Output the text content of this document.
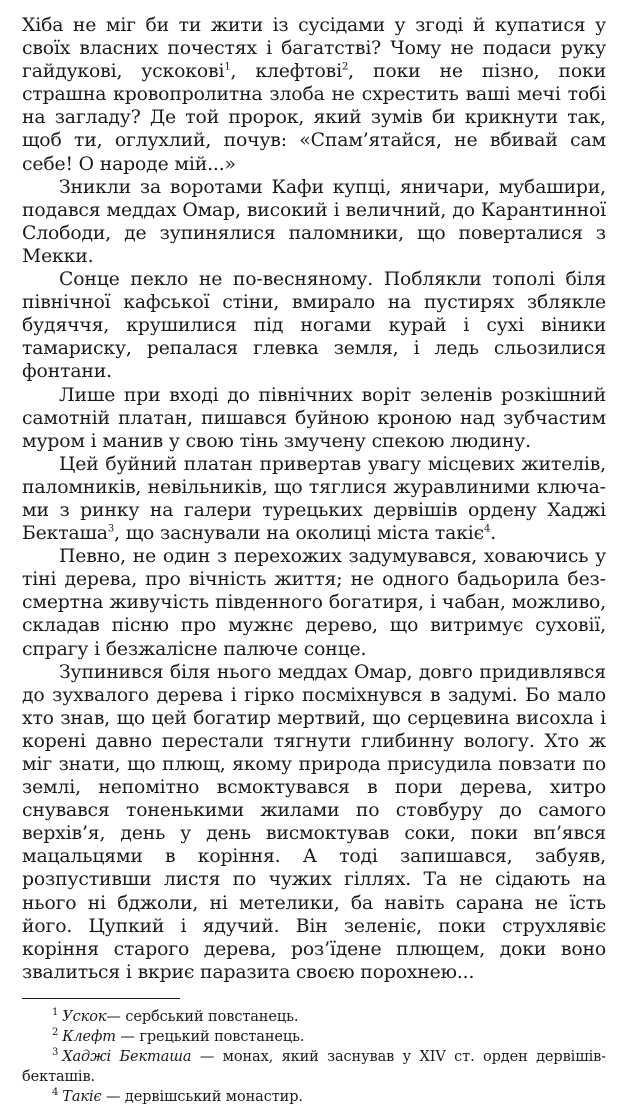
Хіба не міг би ти жити із сусідами у згоді й купатися у своїх власних почестях і багатстві? Чому не подаси руку гайдукові, ускокові$^1$, клефтові$^2$, поки не пізно, поки страшна кровопролитна злоба не схрестить ваші мечі тобі на загладу? Де той пророк, який зумів би крикнути так, щоб ти, оглухлий, почув: «Спам’ятайся, не вбивай сам себе! О народе мій...»

Зникли за воротами Кафи купці, яничари, мубашири, подався меддах Омар, високий і величний, до Карантинної Слободи, де зупинялися паломники, що поверталися з Мекки.

Сонце пекло не по-весняному. Поблякли тополі біля північної кафської стіни, вмирало на пустирях зблякле будяччя, крушилися під ногами курай і сухі віники тамариску, репалася глевка земля, і ледь сльозилися фонтани.

Лише при вході до північних воріт зеленів розкішний самотній платан, пишався буйною кроною над зубчастим муром і манив у свою тінь змучену спекою людину.

Цей буйний платан привертав увагу місцевих жителів, паломників, невільників, що тяглися журавлиними ключами з ринку на галери турецьких дервішів ордену Хаджі Бекташа$^3$, що заснували на околиці міста такіє$^4$.

Певно, не один з перехожих задумувався, ховаючись у тіні дерева, про вічність життя; не одного бадьорила безсмертна живучість південного богатиря, і чабан, можливо, складав пісню про мужнє дерево, що витримує суховії, спрагу і безжалісне палюче сонце.

Зупинився біля нього меддах Омар, довго придивлявся до зухвалого дерева і гірко посміхнувся в задумі. Бо мало хто знав, що цей богатир мертвий, що серцевина висохла і корені давно перестали тягнути глибинну вологу. Хто ж міг знати, що плющ, якому природа присудила повзати по землі, непомітно всмоктувався в пори дерева, хитро снувався тоненькими жилами по стовбуру до самого верхів’я, день у день висмоктував соки, поки вп’явся мацальцями в коріння. А тоді запишався, забуяв, розпустивши листя по чужих гіллях. Та не сідають на нього ні бджоли, ні метелики, ба навіть сарана не їсть його. Цупкий і ядучий. Він зеленіє, поки струхлявіє коріння старого дерева, роз’їдене плющем, доки воно звалиться і вкриє паразита своєю порохнею...

$^1$ Ускок— сербський повстанець.

$^2$ Клефт — грецький повстанець.

$^3$ Хаджі Бекташа — монах, який заснував у XIV ст. орден дервішів-бекташів.

$^4$ Такіє — дервішський монастир.
